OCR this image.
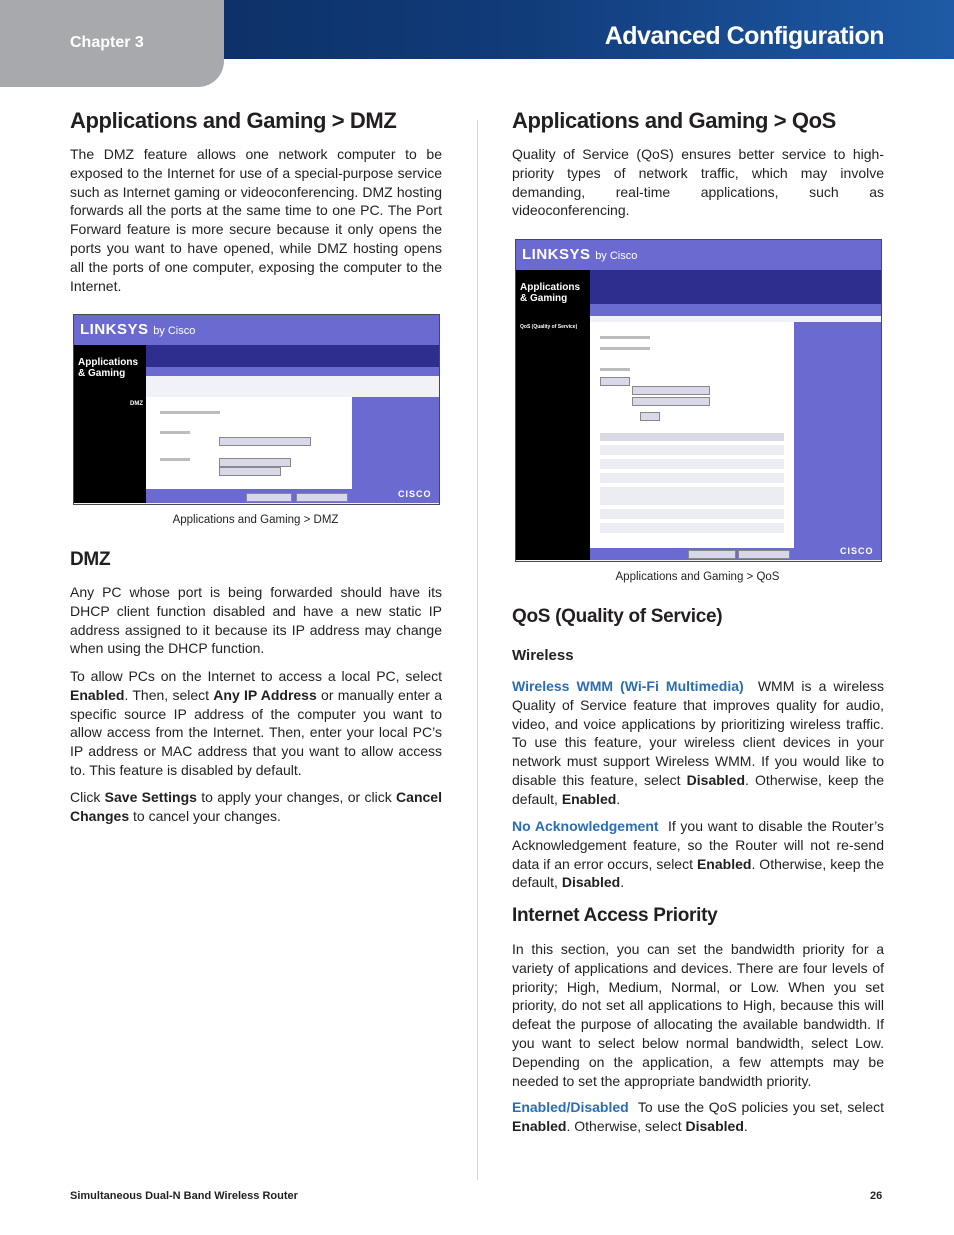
Chapter 3	Advanced Configuration
Applications and Gaming > DMZ

The DMZ feature allows one network computer to be exposed to the Internet for use of a special-purpose service such as Internet gaming or videoconferencing. DMZ hosting forwards all the ports at the same time to one PC. The Port Forward feature is more secure because it only opens the ports you want to have opened, while DMZ hosting opens all the ports of one computer, exposing the computer to the Internet.

LINKSYS by Cisco
Applications & Gaming
DMZ
CISCO
Applications and Gaming > DMZ
DMZ

Any PC whose port is being forwarded should have its DHCP client function disabled and have a new static IP address assigned to it because its IP address may change when using the DHCP function.

To allow PCs on the Internet to access a local PC, select Enabled. Then, select Any IP Address or manually enter a specific source IP address of the computer you want to allow access from the Internet. Then, enter your local PC’s IP address or MAC address that you want to allow access to. This feature is disabled by default.

Click Save Settings to apply your changes, or click Cancel Changes to cancel your changes.

Applications and Gaming > QoS

Quality of Service (QoS) ensures better service to high-priority types of network traffic, which may involve demanding, real-time applications, such as videoconferencing.

LINKSYS by Cisco
Applications & Gaming
QoS (Quality of Service)
CISCO
Applications and Gaming > QoS
QoS (Quality of Service)
Wireless

Wireless WMM (Wi-Fi Multimedia) WMM is a wireless Quality of Service feature that improves quality for audio, video, and voice applications by prioritizing wireless traffic. To use this feature, your wireless client devices in your network must support Wireless WMM. If you would like to disable this feature, select Disabled. Otherwise, keep the default, Enabled.

No Acknowledgement If you want to disable the Router’s Acknowledgement feature, so the Router will not re-send data if an error occurs, select Enabled. Otherwise, keep the default, Disabled.

Internet Access Priority

In this section, you can set the bandwidth priority for a variety of applications and devices. There are four levels of priority; High, Medium, Normal, or Low. When you set priority, do not set all applications to High, because this will defeat the purpose of allocating the available bandwidth. If you want to select below normal bandwidth, select Low. Depending on the application, a few attempts may be needed to set the appropriate bandwidth priority.

Enabled/Disabled To use the QoS policies you set, select Enabled. Otherwise, select Disabled.

Simultaneous Dual-N Band Wireless Router	26
